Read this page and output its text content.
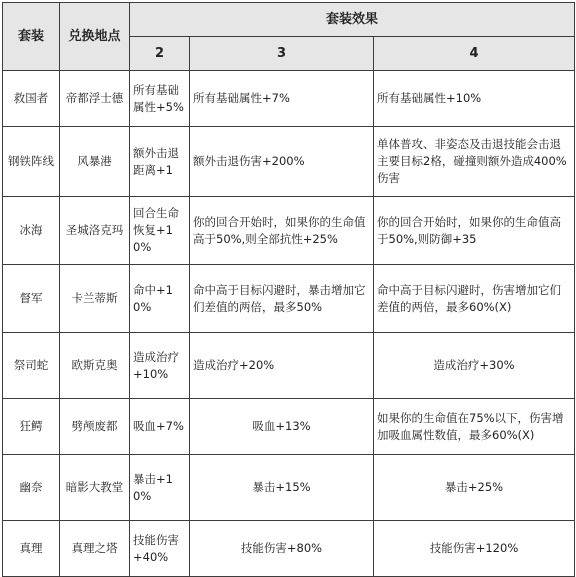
套装	兑换地点	套装效果		
		2	3	4
救国者	帝都浮士德	所有基础属性+5%	所有基础属性+7%	所有基础属性+10%
钢铁阵线	风暴港	额外击退距离+1	额外击退伤害+200%	单体普攻、非姿态及击退技能会击退主要目标2格，碰撞则额外造成400%伤害
冰海	圣城洛克玛	回合生命恢复+10%	你的回合开始时，如果你的生命值高于50%,则全部抗性+25%	你的回合开始时，如果你的生命值高于50%,则防御+35
督军	卡兰蒂斯	命中+10%	命中高于目标闪避时，暴击增加它们差值的两倍，最多50%	命中高于目标闪避时，伤害增加它们差值的两倍，最多60%(X)
祭司蛇	欧斯克奥	造成治疗+10%	造成治疗+20%	造成治疗+30%
狂鳄	劈颅废都	吸血+7%	吸血+13%	如果你的生命值在75%以下，伤害增加吸血属性数值，最多60%(X)
幽奈	暗影大教堂	暴击+10%	暴击+15%	暴击+25%
真理	真理之塔	技能伤害+40%	技能伤害+80%	技能伤害+120%
